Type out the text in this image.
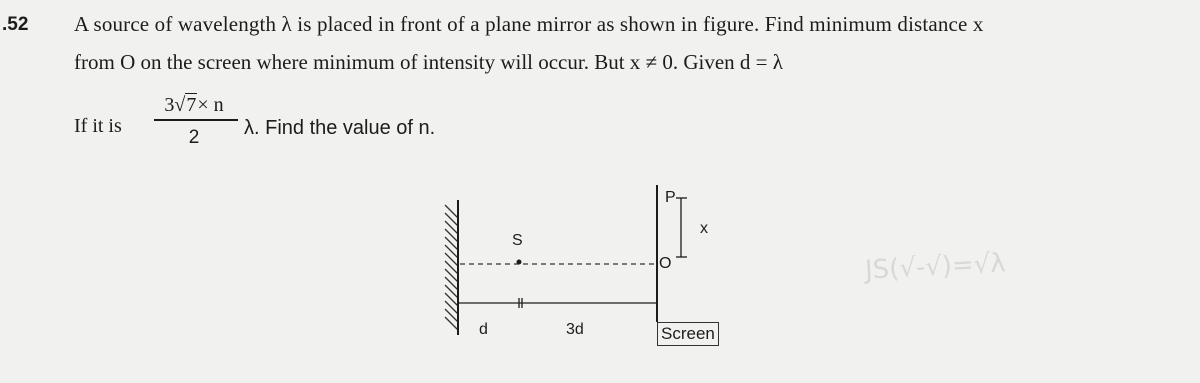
.52 A source of wavelength λ is placed in front of a plane mirror as shown in figure. Find minimum distance x
from O on the screen where minimum of intensity will occur. But x ≠ 0. Given d = λ
If it is
3√7× n
2	λ. Find the value of n.
S
d	3d
P
O
x
Screen
JS(√-√)=√λ
